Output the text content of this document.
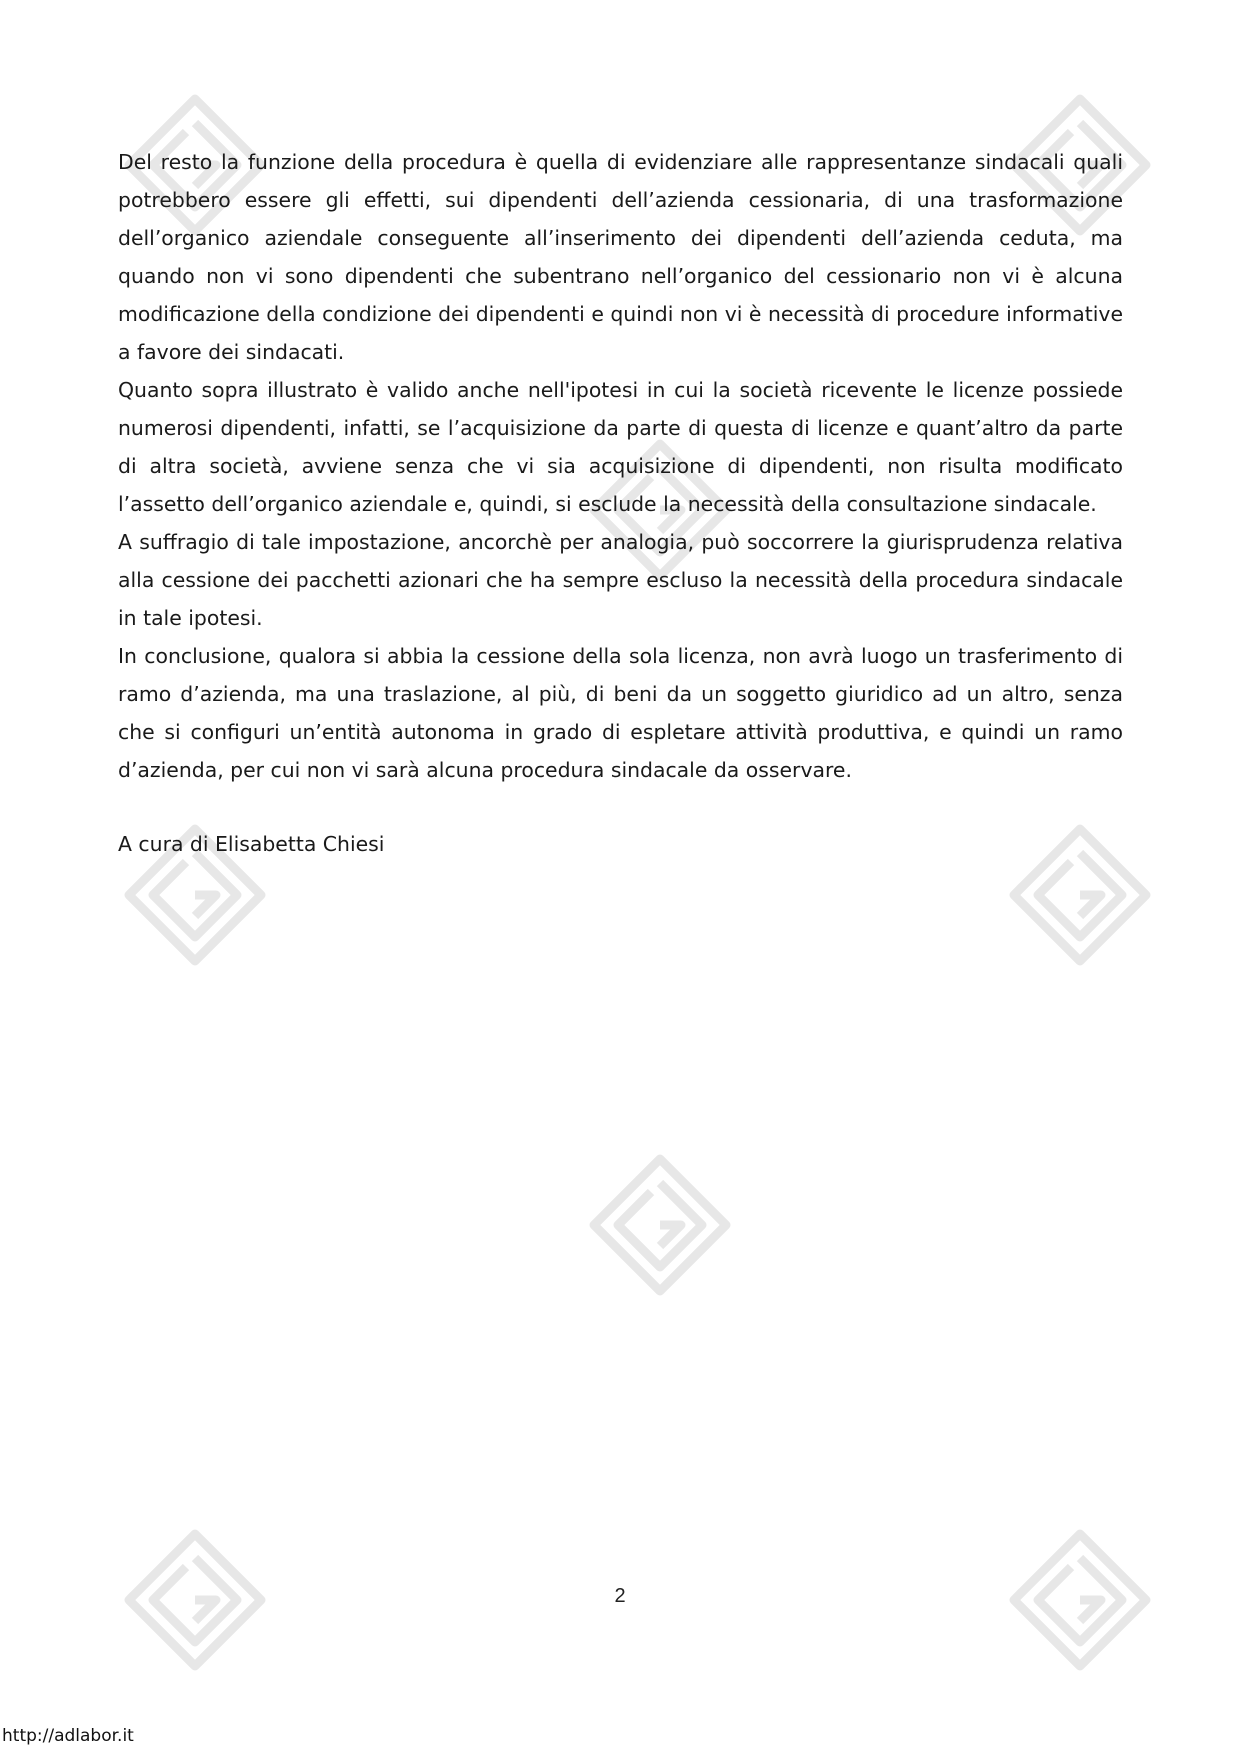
Del resto la funzione della procedura è quella di evidenziare alle rappresentanze sindacali quali potrebbero essere gli effetti, sui dipendenti dell’azienda cessionaria, di una trasformazione dell’organico aziendale conseguente all’inserimento dei dipendenti dell’azienda ceduta, ma quando non vi sono dipendenti che subentrano nell’organico del cessionario non vi è alcuna modificazione della condizione dei dipendenti e quindi non vi è necessità di procedure informative a favore dei sindacati.

Quanto sopra illustrato è valido anche nell'ipotesi in cui la società ricevente le licenze possiede numerosi dipendenti, infatti, se l’acquisizione da parte di questa di licenze e quant’altro da parte di altra società, avviene senza che vi sia acquisizione di dipendenti, non risulta modificato l’assetto dell’organico aziendale e, quindi, si esclude la necessità della consultazione sindacale.

A suffragio di tale impostazione, ancorchè per analogia, può soccorrere la giurisprudenza relativa alla cessione dei pacchetti azionari che ha sempre escluso la necessità della procedura sindacale in tale ipotesi.

In conclusione, qualora si abbia la cessione della sola licenza, non avrà luogo un trasferimento di ramo d’azienda, ma una traslazione, al più, di beni da un soggetto giuridico ad un altro, senza che si configuri un’entità autonoma in grado di espletare attività produttiva, e quindi un ramo d’azienda, per cui non vi sarà alcuna procedura sindacale da osservare.

A cura di Elisabetta Chiesi

2
http://adlabor.it
